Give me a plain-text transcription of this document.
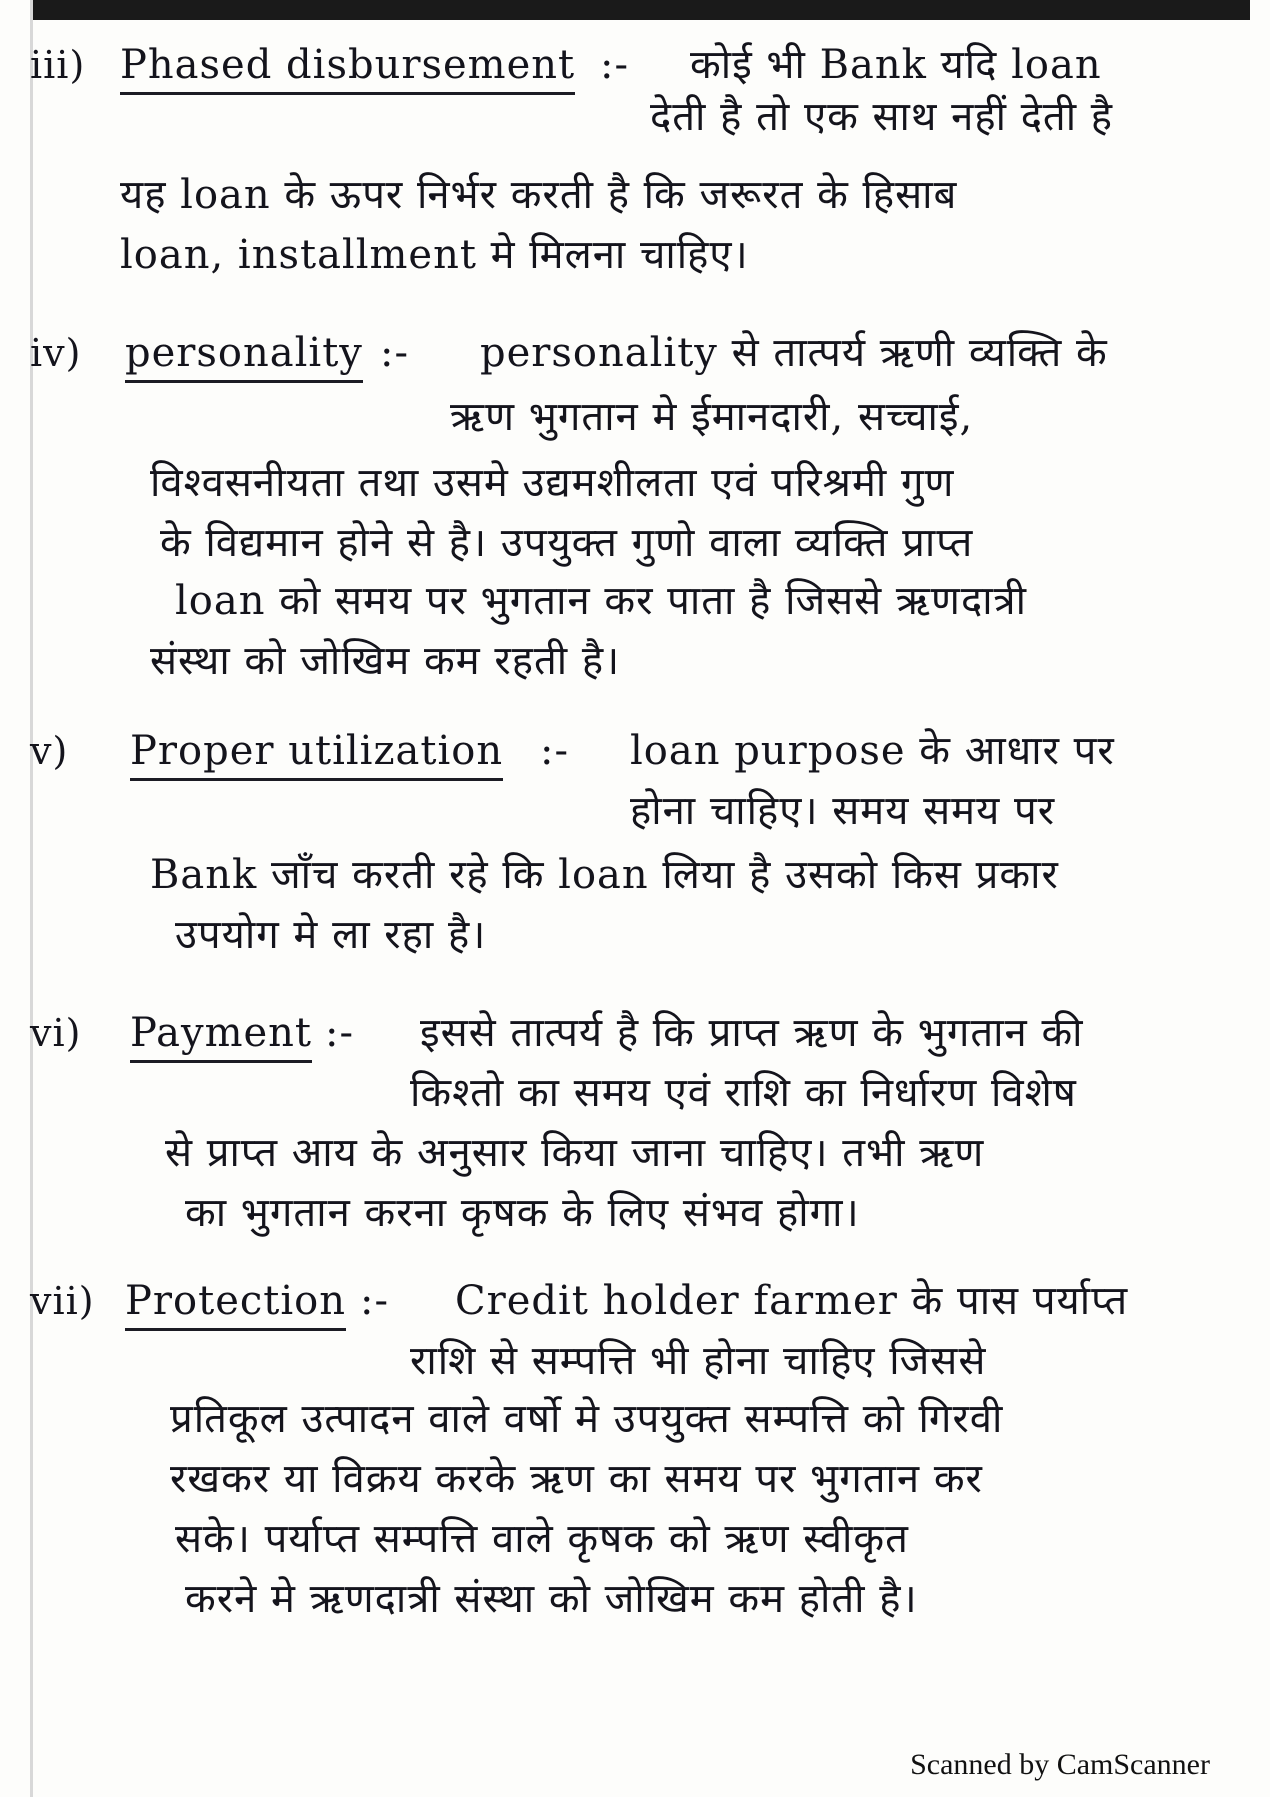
iii) Phased disbursement :- कोई भी Bank यदि loan
देती है तो एक साथ नहीं देती है
यह loan के ऊपर निर्भर करती है कि जरूरत के हिसाब
loan, installment मे मिलना चाहिए।
iv) personality :- personality से तात्पर्य ऋणी व्यक्ति के
ऋण भुगतान मे ईमानदारी, सच्चाई,
विश्वसनीयता तथा उसमे उद्यमशीलता एवं परिश्रमी गुण
के विद्यमान होने से है। उपयुक्त गुणो वाला व्यक्ति प्राप्त
loan को समय पर भुगतान कर पाता है जिससे ऋणदात्री
संस्था को जोखिम कम रहती है।
v) Proper utilization :- loan purpose के आधार पर
होना चाहिए। समय समय पर
Bank जाँच करती रहे कि loan लिया है उसको किस प्रकार
उपयोग मे ला रहा है।
vi) Payment :- इससे तात्पर्य है कि प्राप्त ऋण के भुगतान की
किश्तो का समय एवं राशि का निर्धारण विशेष
से प्राप्त आय के अनुसार किया जाना चाहिए। तभी ऋण
का भुगतान करना कृषक के लिए संभव होगा।
vii) Protection :- Credit holder farmer के पास पर्याप्त
राशि से सम्पत्ति भी होना चाहिए जिससे
प्रतिकूल उत्पादन वाले वर्षो मे उपयुक्त सम्पत्ति को गिरवी
रखकर या विक्रय करके ऋण का समय पर भुगतान कर
सके। पर्याप्त सम्पत्ति वाले कृषक को ऋण स्वीकृत
करने मे ऋणदात्री संस्था को जोखिम कम होती है।
Scanned by CamScanner
